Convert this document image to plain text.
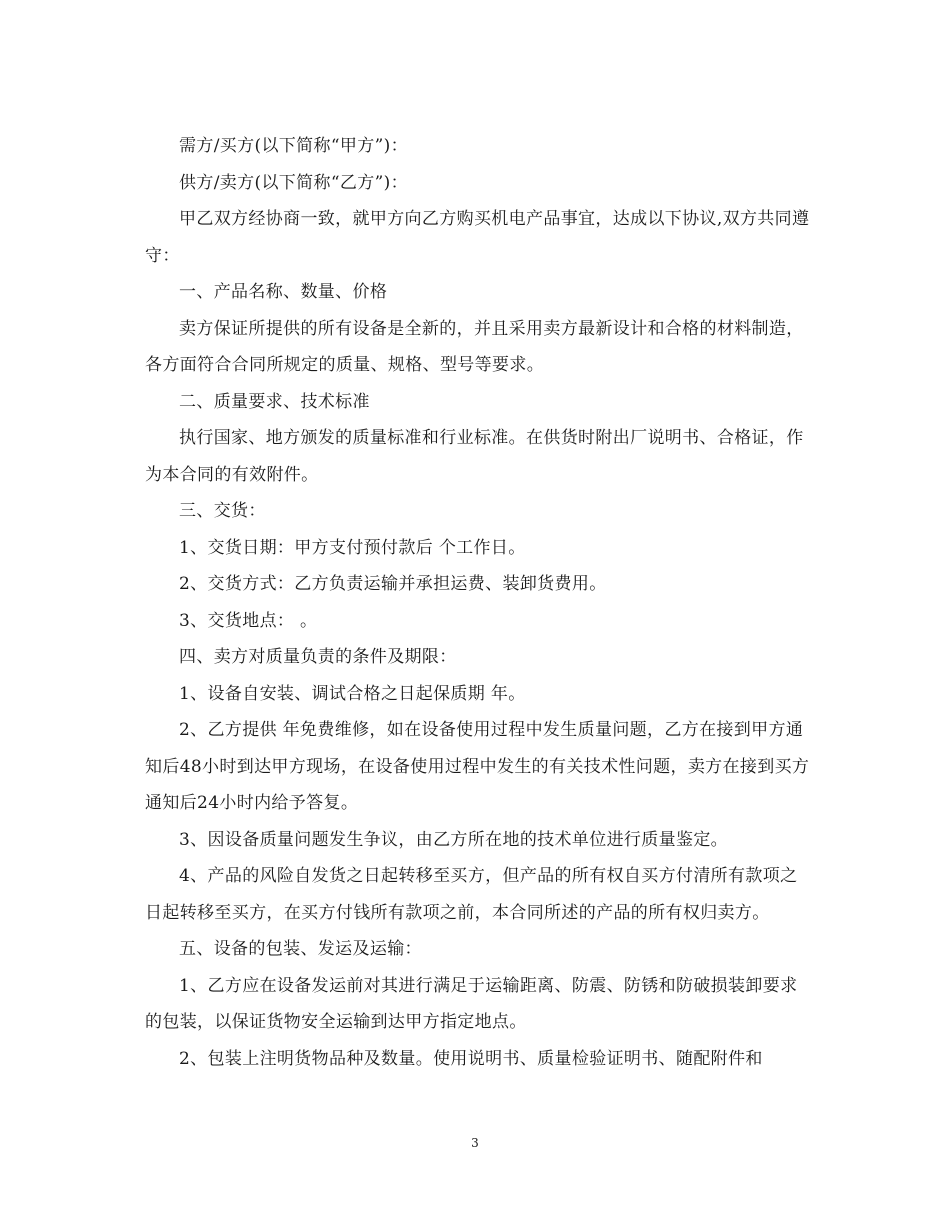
需方/买方(以下简称“甲方”)：

供方/卖方(以下简称“乙方”)：

甲乙双方经协商一致，就甲方向乙方购买机电产品事宜，达成以下协议,双方共同遵守：

一、产品名称、数量、价格

卖方保证所提供的所有设备是全新的，并且采用卖方最新设计和合格的材料制造，各方面符合合同所规定的质量、规格、型号等要求。

二、质量要求、技术标准

执行国家、地方颁发的质量标准和行业标准。在供货时附出厂说明书、合格证，作为本合同的有效附件。

三、交货：

1、交货日期：甲方支付预付款后 个工作日。

2、交货方式：乙方负责运输并承担运费、装卸货费用。

3、交货地点： 。

四、卖方对质量负责的条件及期限：

1、设备自安装、调试合格之日起保质期 年。

2、乙方提供 年免费维修，如在设备使用过程中发生质量问题，乙方在接到甲方通知后48小时到达甲方现场，在设备使用过程中发生的有关技术性问题，卖方在接到买方通知后24小时内给予答复。

3、因设备质量问题发生争议，由乙方所在地的技术单位进行质量鉴定。

4、产品的风险自发货之日起转移至买方，但产品的所有权自买方付清所有款项之日起转移至买方，在买方付钱所有款项之前，本合同所述的产品的所有权归卖方。

五、设备的包装、发运及运输：

1、乙方应在设备发运前对其进行满足于运输距离、防震、防锈和防破损装卸要求的包装，以保证货物安全运输到达甲方指定地点。

2、包装上注明货物品种及数量。使用说明书、质量检验证明书、随配附件和

3
